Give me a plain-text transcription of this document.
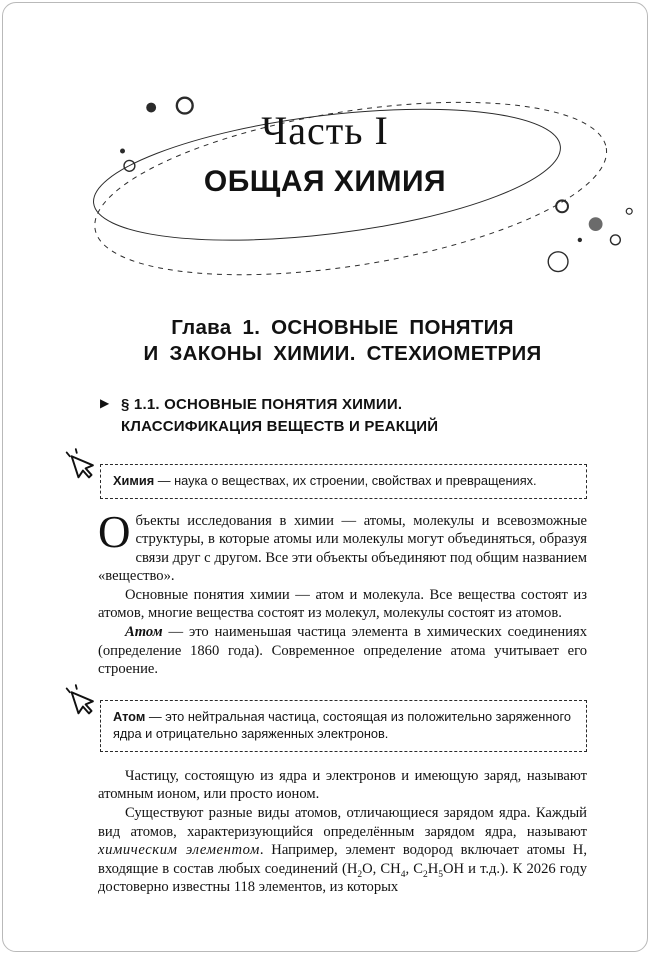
Часть I
ОБЩАЯ ХИМИЯ
Глава 1. ОСНОВНЫЕ ПОНЯТИЯ
И ЗАКОНЫ ХИМИИ. СТЕХИОМЕТРИЯ
▶ § 1.1. ОСНОВНЫЕ ПОНЯТИЯ ХИМИИ.
КЛАССИФИКАЦИЯ ВЕЩЕСТВ И РЕАКЦИЙ
Химия — наука о веществах, их строении, свойствах и превращениях.

Объекты исследования в химии — атомы, молекулы и всевозможные структуры, в которые атомы или молекулы могут объединяться, образуя связи друг с другом. Все эти объекты объединяют под общим названием «вещество».

Основные понятия химии — атом и молекула. Все вещества состоят из атомов, многие вещества состоят из молекул, молекулы состоят из атомов.

Атом — это наименьшая частица элемента в химических соединениях (определение 1860 года). Современное определение атома учитывает его строение.

Атом — это нейтральная частица, состоящая из положительно заряженного ядра и отрицательно заряженных электронов.

Частицу, состоящую из ядра и электронов и имеющую заряд, называют атомным ионом, или просто ионом.

Существуют разные виды атомов, отличающиеся зарядом ядра. Каждый вид атомов, характеризующийся определённым зарядом ядра, называют химическим элементом. Например, элемент водород включает атомы H, входящие в состав любых соединений ($H_2O$, $CH_4$, $C_2H_5OH$ и т.д.). К 2026 году достоверно известны 118 элементов, из которых
